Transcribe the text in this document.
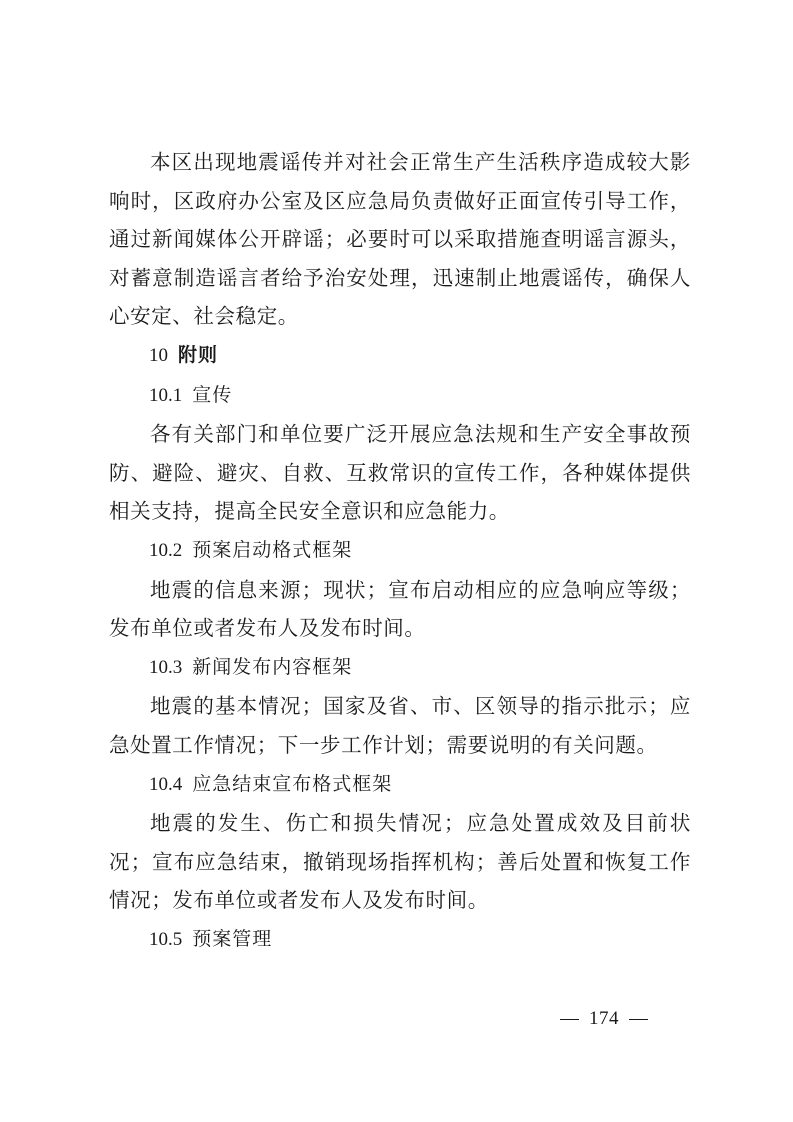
本区出现地震谣传并对社会正常生产生活秩序造成较大影响时，区政府办公室及区应急局负责做好正面宣传引导工作，通过新闻媒体公开辟谣；必要时可以采取措施查明谣言源头，对蓄意制造谣言者给予治安处理，迅速制止地震谣传，确保人心安定、社会稳定。

10 附则

10.1 宣传

各有关部门和单位要广泛开展应急法规和生产安全事故预防、避险、避灾、自救、互救常识的宣传工作，各种媒体提供相关支持，提高全民安全意识和应急能力。

10.2 预案启动格式框架

地震的信息来源；现状；宣布启动相应的应急响应等级；发布单位或者发布人及发布时间。

10.3 新闻发布内容框架

地震的基本情况；国家及省、市、区领导的指示批示；应急处置工作情况；下一步工作计划；需要说明的有关问题。

10.4 应急结束宣布格式框架

地震的发生、伤亡和损失情况；应急处置成效及目前状况；宣布应急结束，撤销现场指挥机构；善后处置和恢复工作情况；发布单位或者发布人及发布时间。

10.5 预案管理

174
